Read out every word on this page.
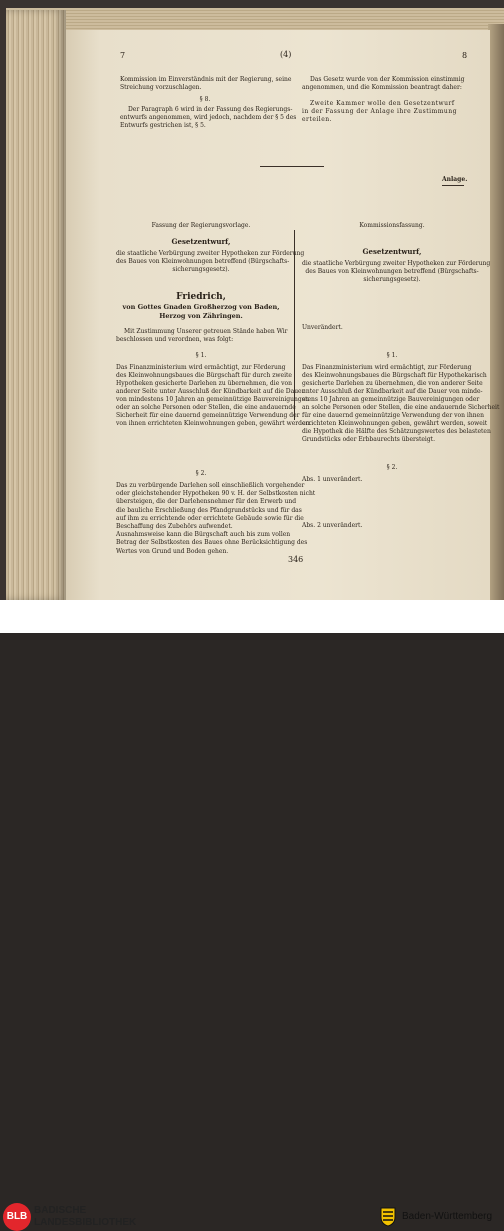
7	(4)	8
Kommission im Einverständnis mit der Regierung, seine
Streichung vorzuschlagen.
§ 8.
Der Paragraph 6 wird in der Fassung des Regierungs-
entwurfs angenommen, wird jedoch, nachdem der § 5 des
Entwurfs gestrichen ist, § 5.
Das Gesetz wurde von der Kommission einstimmig
angenommen, und die Kommission beantragt daher:
Zweite Kammer wolle den Gesetzentwurf
in der Fassung der Anlage ihre Zustimmung
erteilen.
Anlage.
Fassung der Regierungsvorlage.	Kommissionsfassung.
Gesetzentwurf,
die staatliche Verbürgung zweiter Hypotheken zur Förderung
des Baues von Kleinwohnungen betreffend (Bürgschafts-
sicherungsgesetz).
Friedrich,
von Gottes Gnaden Großherzog von Baden,
Herzog von Zähringen.
Mit Zustimmung Unserer getreuen Stände haben Wir
beschlossen und verordnen, was folgt:
§ 1.
Das Finanzministerium wird ermächtigt, zur Förderung
des Kleinwohnungsbaues die Bürgschaft für durch zweite
Hypotheken gesicherte Darlehen zu übernehmen, die von
anderer Seite unter Ausschluß der Kündbarkeit auf die Dauer
von mindestens 10 Jahren an gemeinnützige Bauvereinigungen
oder an solche Personen oder Stellen, die eine andauernde
Sicherheit für eine dauernd gemeinnützige Verwendung der
von ihnen errichteten Kleinwohnungen geben, gewährt werden.
§ 2.
Das zu verbürgende Darlehen soll einschließlich vorgehender
oder gleichstehender Hypotheken 90 v. H. der Selbstkosten nicht
übersteigen, die der Darlehensnehmer für den Erwerb und
die bauliche Erschließung des Pfandgrundstücks und für das
auf ihm zu errichtende oder errichtete Gebäude sowie für die
Beschaffung des Zubehörs aufwendet.
Ausnahmsweise kann die Bürgschaft auch bis zum vollen
Betrag der Selbstkosten des Baues ohne Berücksichtigung des
Wertes von Grund und Boden gehen.
Gesetzentwurf,
die staatliche Verbürgung zweiter Hypotheken zur Förderung
des Baues von Kleinwohnungen betreffend (Bürgschafts-
sicherungsgesetz).
Unverändert.
§ 1.
Das Finanzministerium wird ermächtigt, zur Förderung
des Kleinwohnungsbaues die Bürgschaft für Hypothekarisch
gesicherte Darlehen zu übernehmen, die von anderer Seite
unter Ausschluß der Kündbarkeit auf die Dauer von minde-
stens 10 Jahren an gemeinnützige Bauvereinigungen oder
an solche Personen oder Stellen, die eine andauernde Sicherheit
für eine dauernd gemeinnützige Verwendung der von ihnen
errichteten Kleinwohnungen geben, gewährt werden, soweit
die Hypothek die Hälfte des Schätzungswertes des belasteten
Grundstücks oder Erbbaurechts übersteigt.
§ 2.
Abs. 1 unverändert.
Abs. 2 unverändert.
346
BLB
BADISCHE
LANDESBIBLIOTHEK
Baden-Württemberg
